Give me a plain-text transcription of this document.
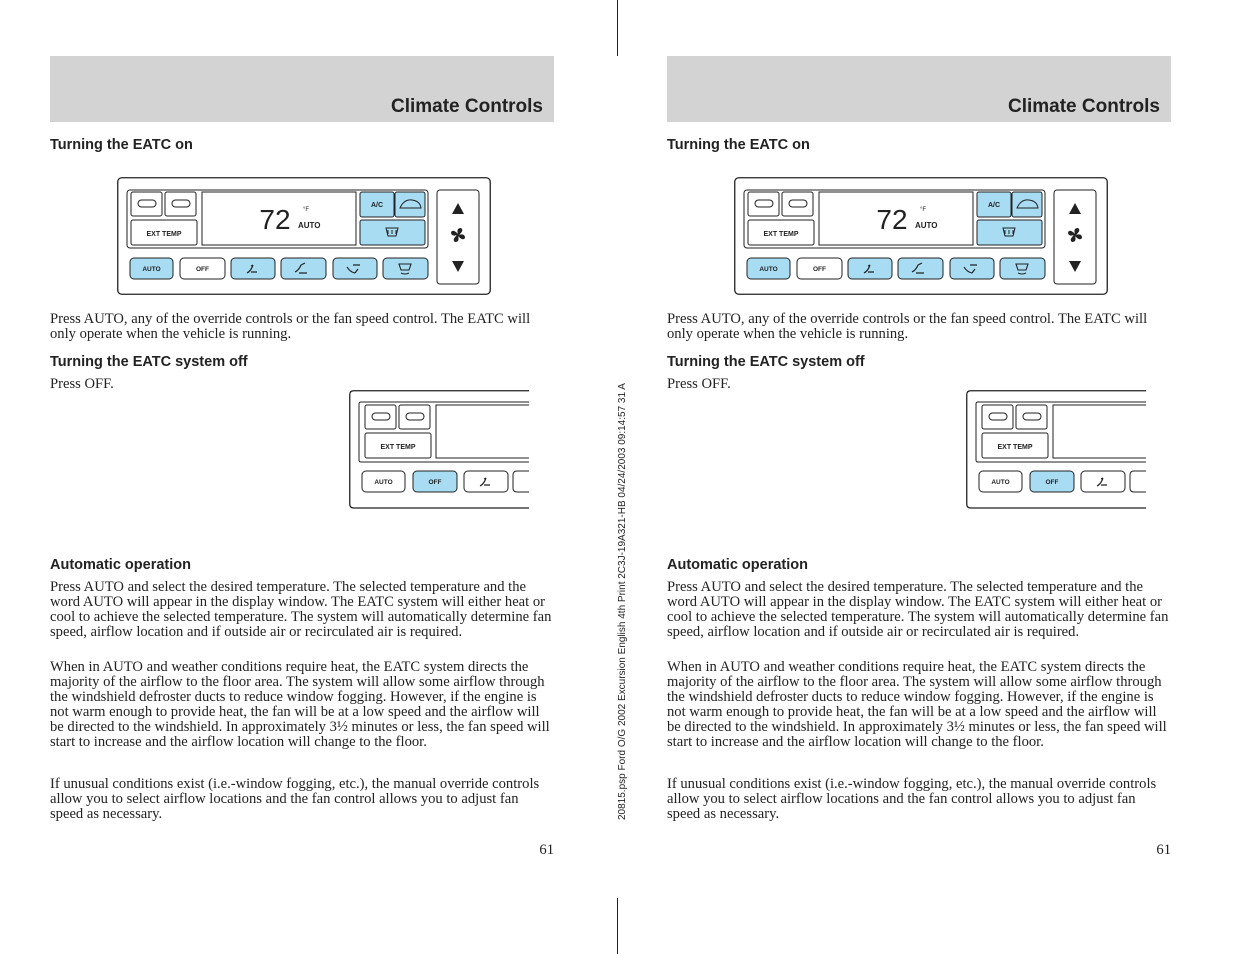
20815.psp Ford O/G 2002 Excursion English 4th Print 2C3J-19A321-HB 04/24/2003 09:14:57 31 A
Climate Controls
Turning the EATC on
EXT TEMP	72 °F
AUTO
A/C
AUTO	OFF

Press AUTO, any of the override controls or the fan speed control. The EATC will only operate when the vehicle is running.

Turning the EATC system off

Press OFF.

EXT TEMP
AUTO	OFF
Automatic operation

Press AUTO and select the desired temperature. The selected temperature and the word AUTO will appear in the display window. The EATC system will either heat or cool to achieve the selected temperature. The system will automatically determine fan speed, airflow location and if outside air or recirculated air is required.

When in AUTO and weather conditions require heat, the EATC system directs the majority of the airflow to the floor area. The system will allow some airflow through the windshield defroster ducts to reduce window fogging. However, if the engine is not warm enough to provide heat, the fan will be at a low speed and the airflow will be directed to the windshield. In approximately 3½ minutes or less, the fan speed will start to increase and the airflow location will change to the floor.

If unusual conditions exist (i.e.-window fogging, etc.), the manual override controls allow you to select airflow locations and the fan control allows you to adjust fan speed as necessary.

61
Climate Controls
Turning the EATC on
EXT TEMP	72 °F
AUTO
A/C
AUTO	OFF

Press AUTO, any of the override controls or the fan speed control. The EATC will only operate when the vehicle is running.

Turning the EATC system off

Press OFF.

EXT TEMP
AUTO	OFF
Automatic operation

Press AUTO and select the desired temperature. The selected temperature and the word AUTO will appear in the display window. The EATC system will either heat or cool to achieve the selected temperature. The system will automatically determine fan speed, airflow location and if outside air or recirculated air is required.

When in AUTO and weather conditions require heat, the EATC system directs the majority of the airflow to the floor area. The system will allow some airflow through the windshield defroster ducts to reduce window fogging. However, if the engine is not warm enough to provide heat, the fan will be at a low speed and the airflow will be directed to the windshield. In approximately 3½ minutes or less, the fan speed will start to increase and the airflow location will change to the floor.

If unusual conditions exist (i.e.-window fogging, etc.), the manual override controls allow you to select airflow locations and the fan control allows you to adjust fan speed as necessary.

61
